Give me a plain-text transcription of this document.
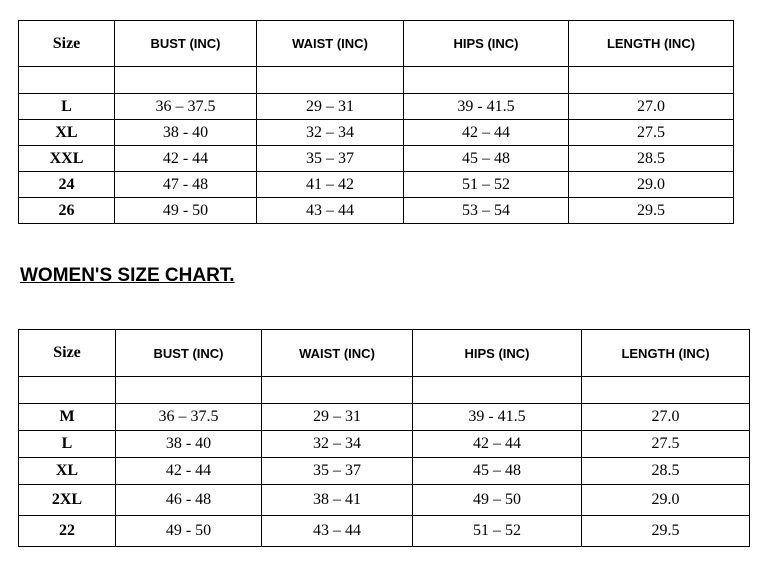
Size	BUST (INC)	WAIST (INC)	HIPS (INC)	LENGTH (INC)

L	36 – 37.5	29 – 31	39 - 41.5	27.0
XL	38 - 40	32 – 34	42 – 44	27.5
XXL	42 - 44	35 – 37	45 – 48	28.5
24	47 - 48	41 – 42	51 – 52	29.0
26	49 - 50	43 – 44	53 – 54	29.5
WOMEN'S SIZE CHART.
Size	BUST (INC)	WAIST (INC)	HIPS (INC)	LENGTH (INC)

M	36 – 37.5	29 – 31	39 - 41.5	27.0
L	38 - 40	32 – 34	42 – 44	27.5
XL	42 - 44	35 – 37	45 – 48	28.5
2XL	46 - 48	38 – 41	49 – 50	29.0
22	49 - 50	43 – 44	51 – 52	29.5
